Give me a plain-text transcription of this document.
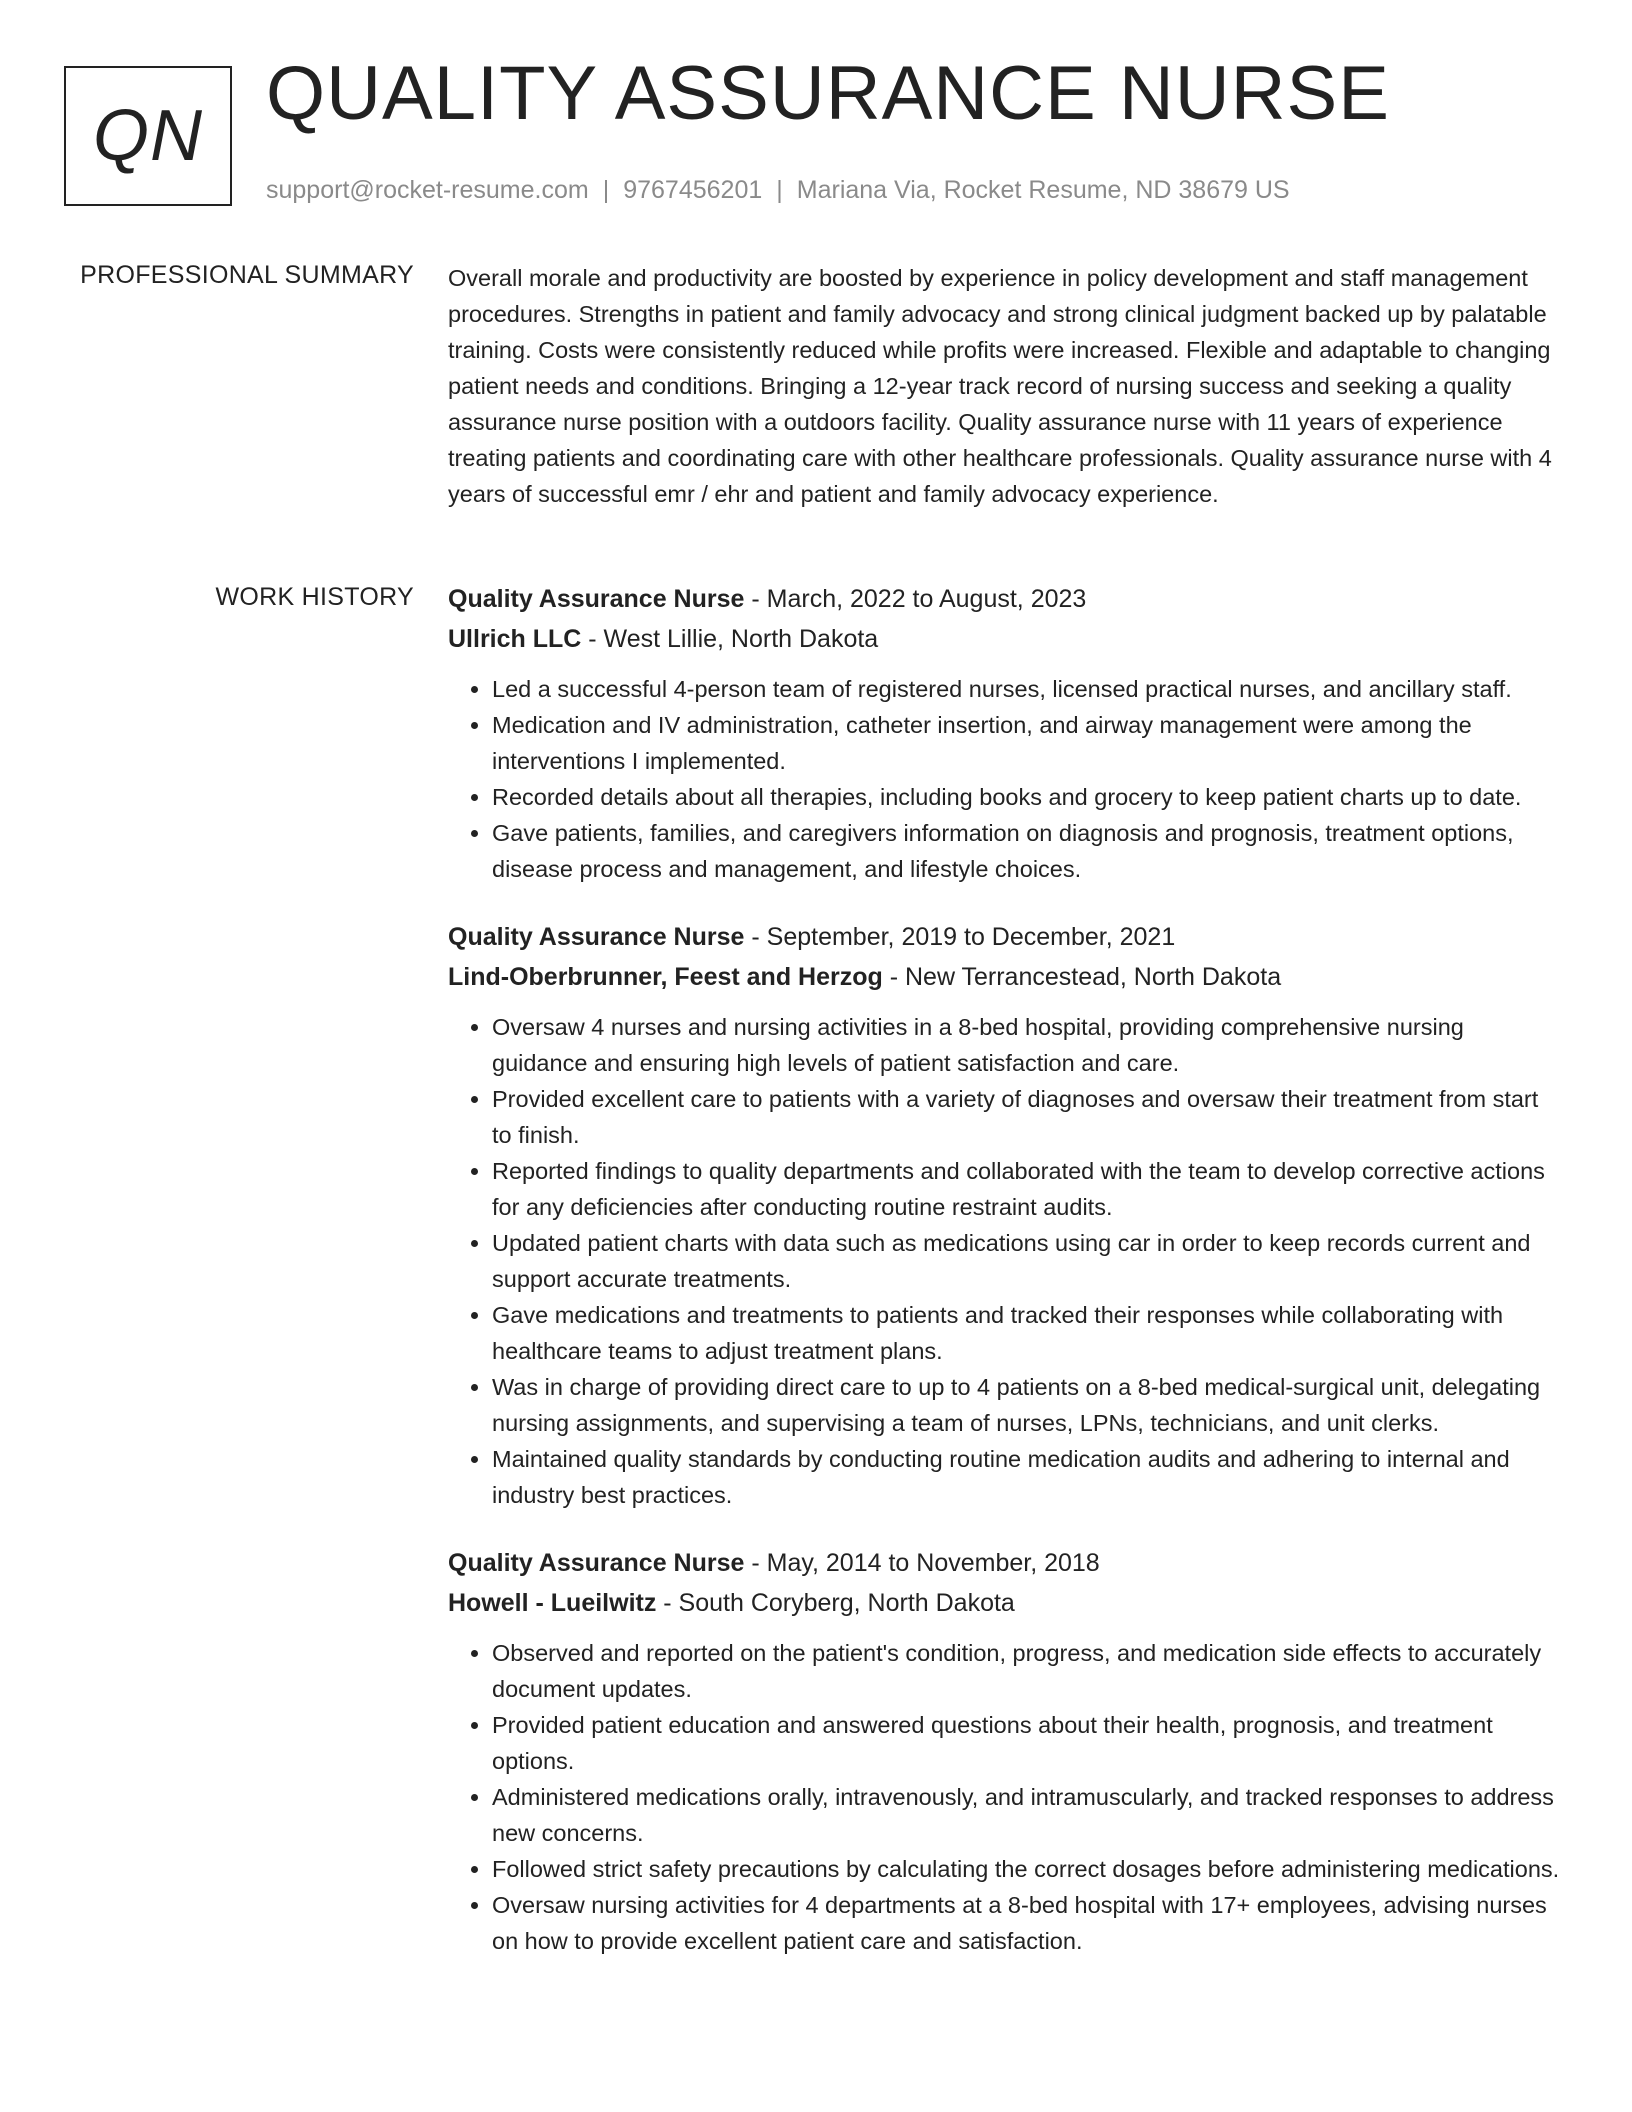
QN QUALITY ASSURANCE NURSE
support@rocket-resume.com | 9767456201 | Mariana Via, Rocket Resume, ND 38679 US
PROFESSIONAL SUMMARY Overall morale and productivity are boosted by experience in policy development and staff management procedures. Strengths in patient and family advocacy and strong clinical judgment backed up by palatable training. Costs were consistently reduced while profits were increased. Flexible and adaptable to changing patient needs and conditions. Bringing a 12-year track record of nursing success and seeking a quality assurance nurse position with a outdoors facility. Quality assurance nurse with 11 years of experience treating patients and coordinating care with other healthcare professionals. Quality assurance nurse with 4 years of successful emr / ehr and patient and family advocacy experience.

WORK HISTORY Quality Assurance Nurse - March, 2022 to August, 2023
Ullrich LLC - West Lillie, North Dakota
• Led a successful 4-person team of registered nurses, licensed practical nurses, and ancillary staff.
• Medication and IV administration, catheter insertion, and airway management were among the interventions I implemented.
• Recorded details about all therapies, including books and grocery to keep patient charts up to date.
• Gave patients, families, and caregivers information on diagnosis and prognosis, treatment options, disease process and management, and lifestyle choices.
Quality Assurance Nurse - September, 2019 to December, 2021
Lind-Oberbrunner, Feest and Herzog - New Terrancestead, North Dakota
• Oversaw 4 nurses and nursing activities in a 8-bed hospital, providing comprehensive nursing guidance and ensuring high levels of patient satisfaction and care.
• Provided excellent care to patients with a variety of diagnoses and oversaw their treatment from start to finish.
• Reported findings to quality departments and collaborated with the team to develop corrective actions for any deficiencies after conducting routine restraint audits.
• Updated patient charts with data such as medications using car in order to keep records current and support accurate treatments.
• Gave medications and treatments to patients and tracked their responses while collaborating with healthcare teams to adjust treatment plans.
• Was in charge of providing direct care to up to 4 patients on a 8-bed medical-surgical unit, delegating nursing assignments, and supervising a team of nurses, LPNs, technicians, and unit clerks.
• Maintained quality standards by conducting routine medication audits and adhering to internal and industry best practices.
Quality Assurance Nurse - May, 2014 to November, 2018
Howell - Lueilwitz - South Coryberg, North Dakota
• Observed and reported on the patient's condition, progress, and medication side effects to accurately document updates.
• Provided patient education and answered questions about their health, prognosis, and treatment options.
• Administered medications orally, intravenously, and intramuscularly, and tracked responses to address new concerns.
• Followed strict safety precautions by calculating the correct dosages before administering medications.
• Oversaw nursing activities for 4 departments at a 8-bed hospital with 17+ employees, advising nurses on how to provide excellent patient care and satisfaction.
